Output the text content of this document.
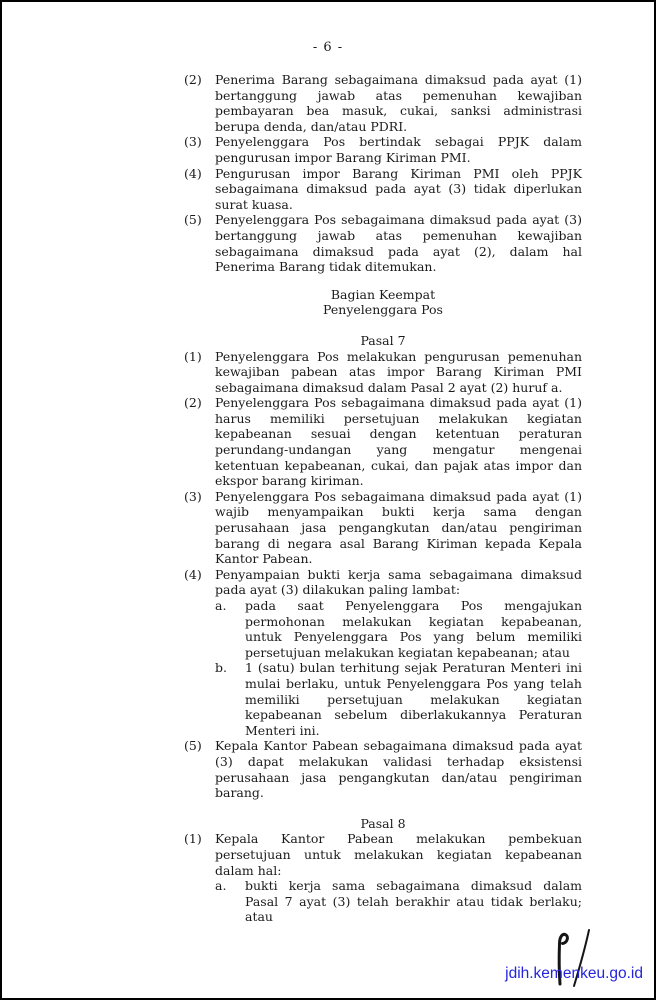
- 6 -
(2)	Penerima Barang sebagaimana dimaksud pada ayat (1) bertanggung jawab atas pemenuhan kewajiban pembayaran bea masuk, cukai, sanksi administrasi berupa denda, dan/atau PDRI.
(3)	Penyelenggara Pos bertindak sebagai PPJK dalam pengurusan impor Barang Kiriman PMI.
(4)	Pengurusan impor Barang Kiriman PMI oleh PPJK sebagaimana dimaksud pada ayat (3) tidak diperlukan surat kuasa.
(5)	Penyelenggara Pos sebagaimana dimaksud pada ayat (3) bertanggung jawab atas pemenuhan kewajiban sebagaimana dimaksud pada ayat (2), dalam hal Penerima Barang tidak ditemukan.
Bagian Keempat
Penyelenggara Pos
Pasal 7
(1)	Penyelenggara Pos melakukan pengurusan pemenuhan kewajiban pabean atas impor Barang Kiriman PMI sebagaimana dimaksud dalam Pasal 2 ayat (2) huruf a.
(2)	Penyelenggara Pos sebagaimana dimaksud pada ayat (1) harus memiliki persetujuan melakukan kegiatan kepabeanan sesuai dengan ketentuan peraturan perundang-undangan yang mengatur mengenai ketentuan kepabeanan, cukai, dan pajak atas impor dan ekspor barang kiriman.
(3)	Penyelenggara Pos sebagaimana dimaksud pada ayat (1) wajib menyampaikan bukti kerja sama dengan perusahaan jasa pengangkutan dan/atau pengiriman barang di negara asal Barang Kiriman kepada Kepala Kantor Pabean.
(4)	Penyampaian bukti kerja sama sebagaimana dimaksud pada ayat (3) dilakukan paling lambat:
a.	pada saat Penyelenggara Pos mengajukan permohonan melakukan kegiatan kepabeanan, untuk Penyelenggara Pos yang belum memiliki persetujuan melakukan kegiatan kepabeanan; atau
b.	1 (satu) bulan terhitung sejak Peraturan Menteri ini mulai berlaku, untuk Penyelenggara Pos yang telah memiliki persetujuan melakukan kegiatan kepabeanan sebelum diberlakukannya Peraturan Menteri ini.
(5)	Kepala Kantor Pabean sebagaimana dimaksud pada ayat (3) dapat melakukan validasi terhadap eksistensi perusahaan jasa pengangkutan dan/atau pengiriman barang.
Pasal 8
(1)	Kepala Kantor Pabean melakukan pembekuan persetujuan untuk melakukan kegiatan kepabeanan dalam hal:
a.	bukti kerja sama sebagaimana dimaksud dalam Pasal 7 ayat (3) telah berakhir atau tidak berlaku; atau
jdih.kemenkeu.go.id
